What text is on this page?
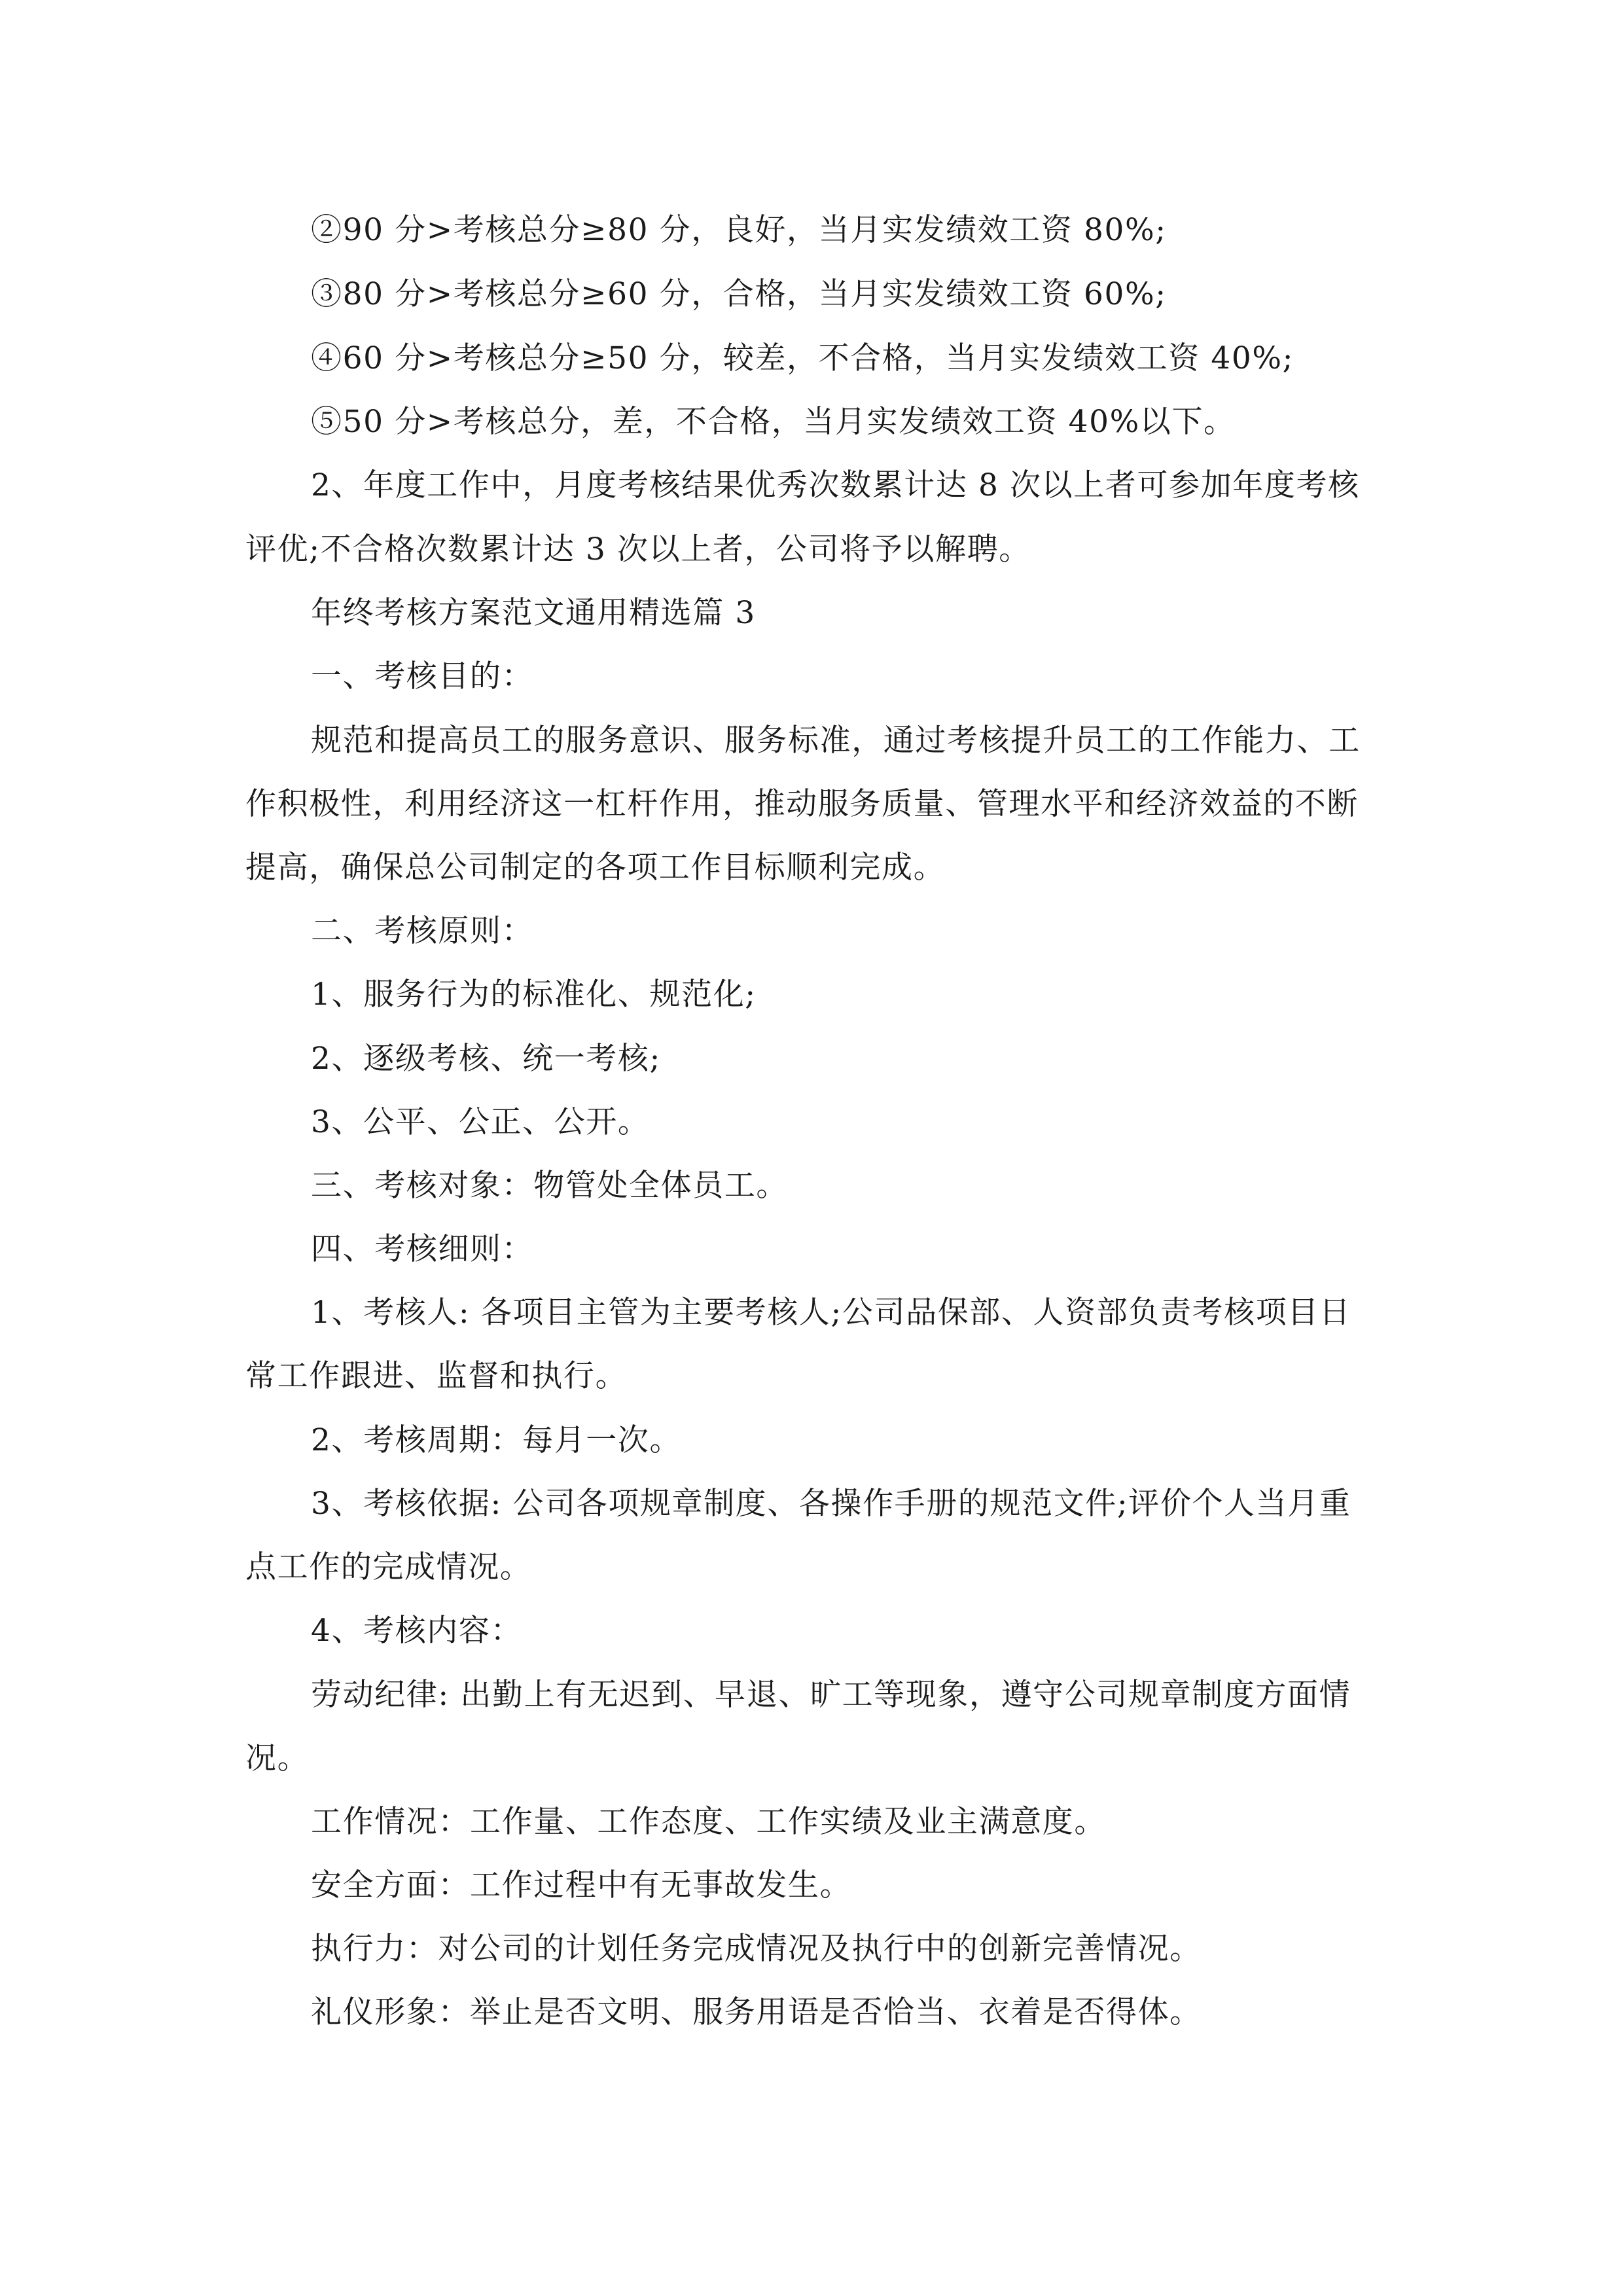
②90 分>考核总分≥80 分，良好，当月实发绩效工资 80%;
③80 分>考核总分≥60 分，合格，当月实发绩效工资 60%;
④60 分>考核总分≥50 分，较差，不合格，当月实发绩效工资 40%;
⑤50 分>考核总分，差，不合格，当月实发绩效工资 40%以下。
2、年度工作中，月度考核结果优秀次数累计达 8 次以上者可参加年度考核
评优;不合格次数累计达 3 次以上者，公司将予以解聘。
年终考核方案范文通用精选篇 3
一、考核目的：
规范和提高员工的服务意识、服务标准，通过考核提升员工的工作能力、工
作积极性，利用经济这一杠杆作用，推动服务质量、管理水平和经济效益的不断
提高，确保总公司制定的各项工作目标顺利完成。
二、考核原则：
1、服务行为的标准化、规范化;
2、逐级考核、统一考核;
3、公平、公正、公开。
三、考核对象：物管处全体员工。
四、考核细则：
1、考核人: 各项目主管为主要考核人;公司品保部、人资部负责考核项目日
常工作跟进、监督和执行。
2、考核周期：每月一次。
3、考核依据: 公司各项规章制度、各操作手册的规范文件;评价个人当月重
点工作的完成情况。
4、考核内容：
劳动纪律: 出勤上有无迟到、早退、旷工等现象，遵守公司规章制度方面情
况。
工作情况：工作量、工作态度、工作实绩及业主满意度。
安全方面：工作过程中有无事故发生。
执行力：对公司的计划任务完成情况及执行中的创新完善情况。
礼仪形象：举止是否文明、服务用语是否恰当、衣着是否得体。
